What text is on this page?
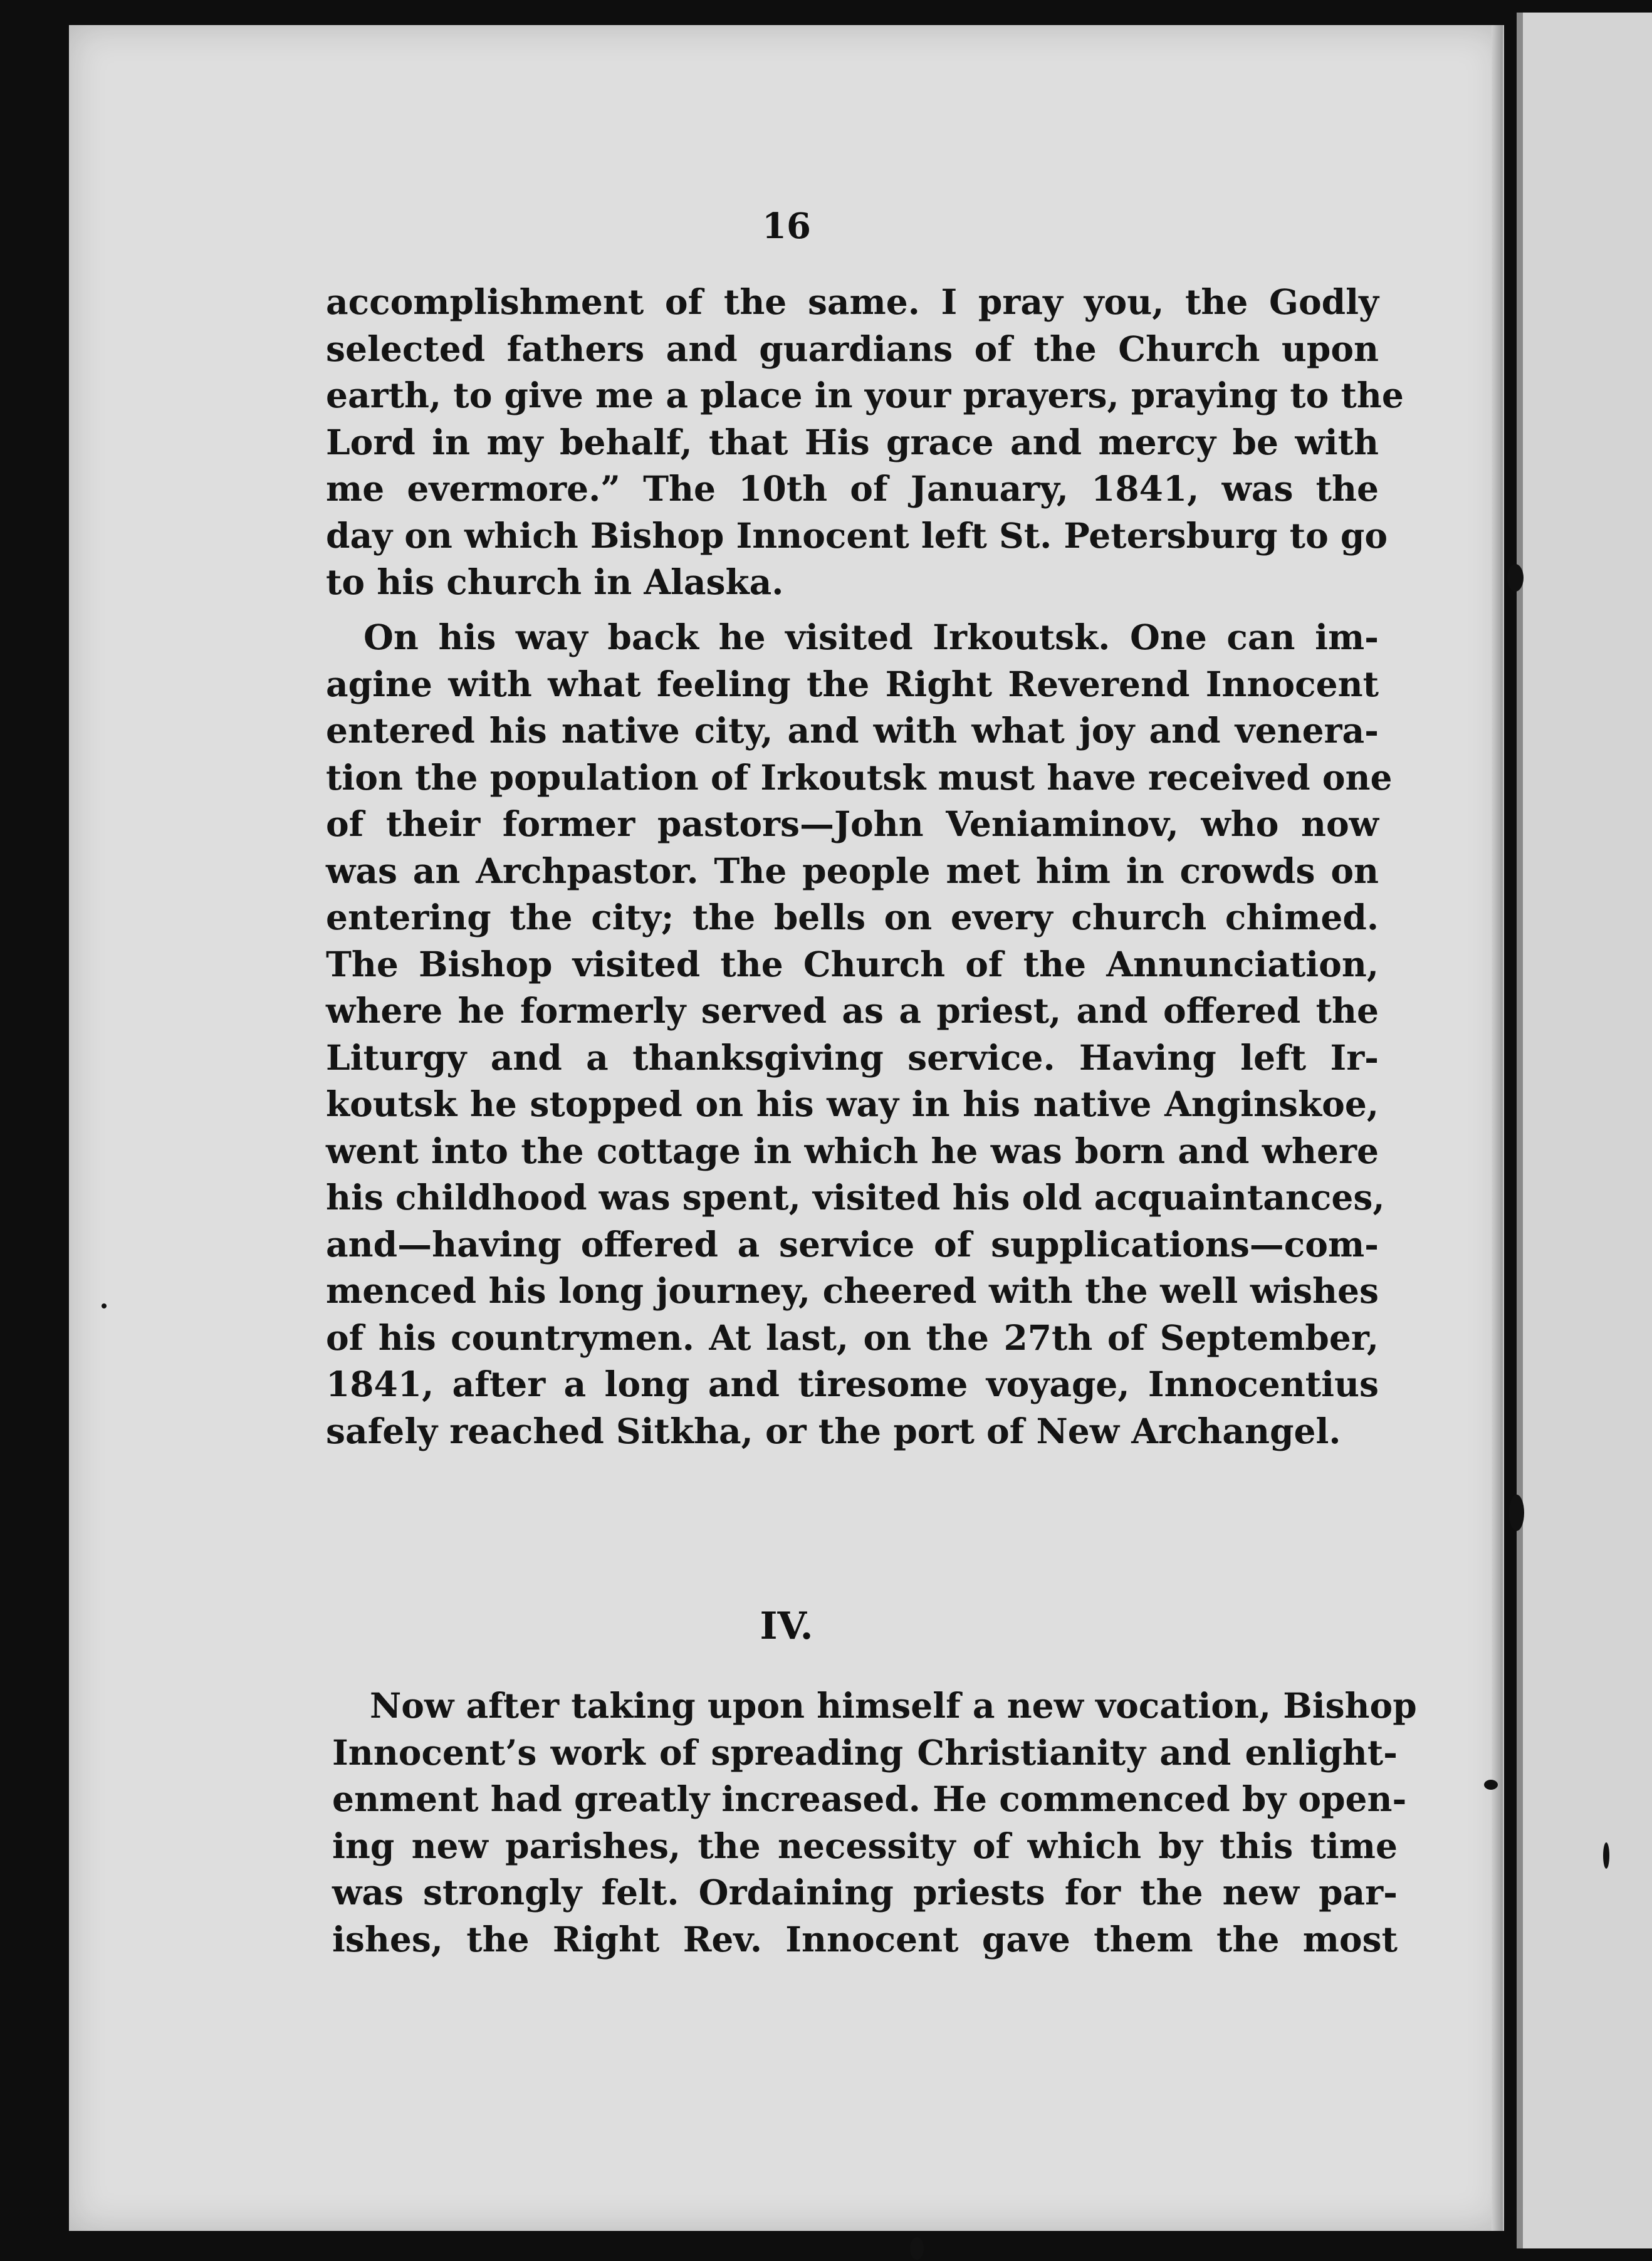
16
accomplishment of the same. I pray you, the Godly
selected fathers and guardians of the Church upon
earth, to give me a place in your prayers, praying to the
Lord in my behalf, that His grace and mercy be with
me evermore.” The 10th of January, 1841, was the
day on which Bishop Innocent left St. Petersburg to go
to his church in Alaska.
On his way back he visited Irkoutsk. One can im-
agine with what feeling the Right Reverend Innocent
entered his native city, and with what joy and venera-
tion the population of Irkoutsk must have received one
of their former pastors—John Veniaminov, who now
was an Archpastor. The people met him in crowds on
entering the city; the bells on every church chimed.
The Bishop visited the Church of the Annunciation,
where he formerly served as a priest, and offered the
Liturgy and a thanksgiving service. Having left Ir-
koutsk he stopped on his way in his native Anginskoe,
went into the cottage in which he was born and where
his childhood was spent, visited his old acquaintances,
and—having offered a service of supplications—com-
menced his long journey, cheered with the well wishes
of his countrymen. At last, on the 27th of September,
1841, after a long and tiresome voyage, Innocentius
safely reached Sitkha, or the port of New Archangel.
IV.
Now after taking upon himself a new vocation, Bishop
Innocent’s work of spreading Christianity and enlight-
enment had greatly increased. He commenced by open-
ing new parishes, the necessity of which by this time
was strongly felt. Ordaining priests for the new par-
ishes, the Right Rev. Innocent gave them the most
